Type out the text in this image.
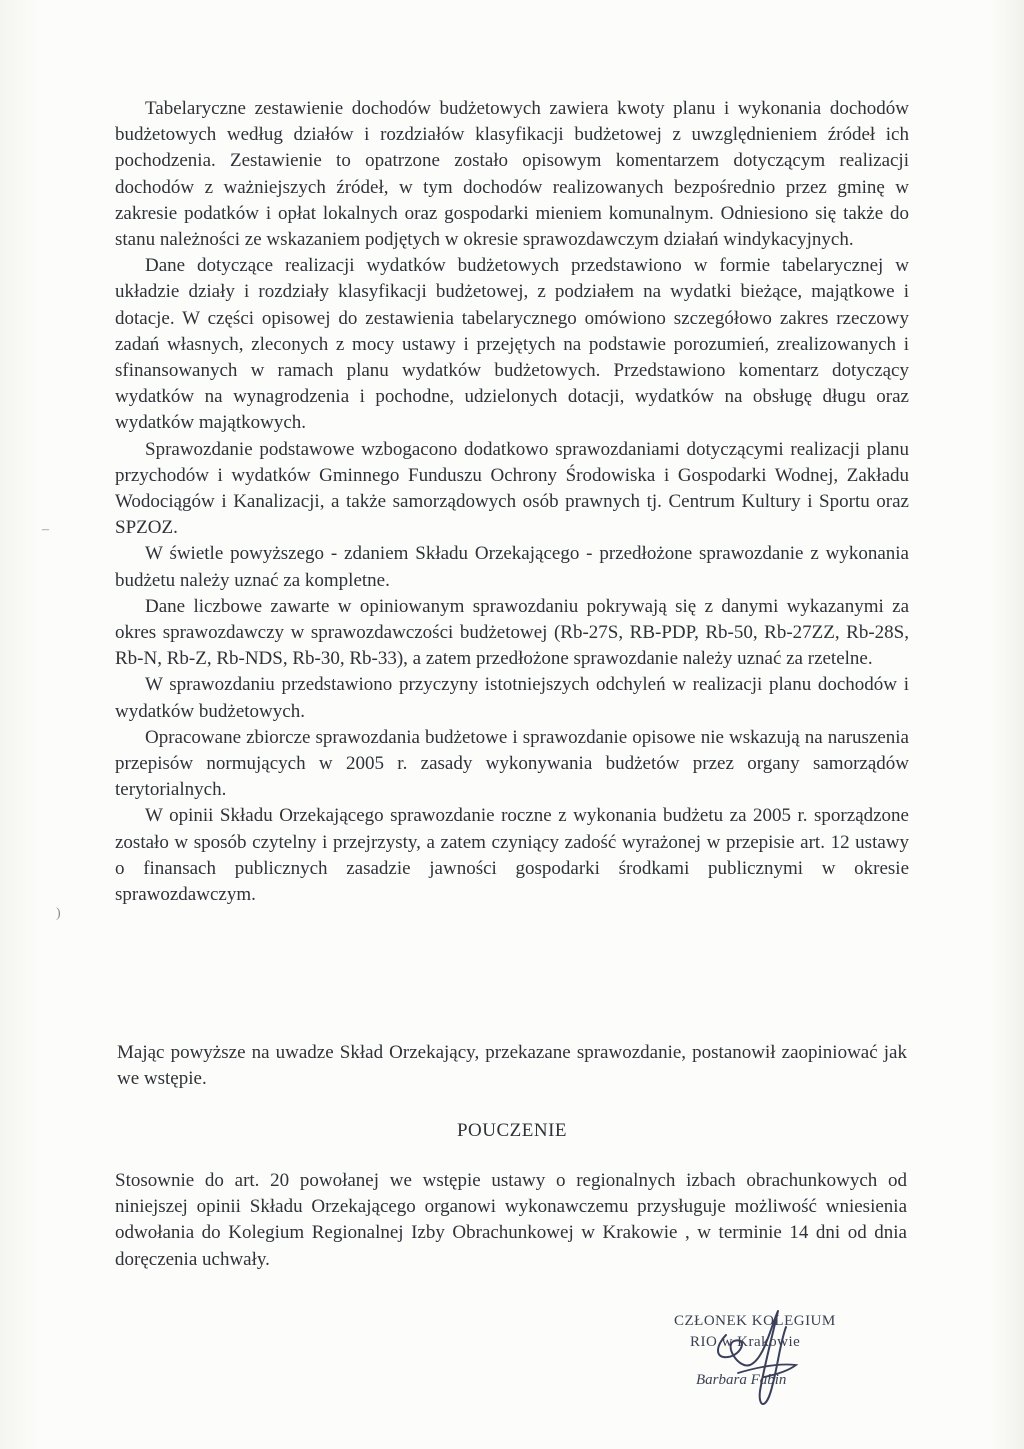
Tabelaryczne zestawienie dochodów budżetowych zawiera kwoty planu i wykonania dochodów budżetowych według działów i rozdziałów klasyfikacji budżetowej z uwzględnieniem źródeł ich pochodzenia. Zestawienie to opatrzone zostało opisowym komentarzem dotyczącym realizacji dochodów z ważniejszych źródeł, w tym dochodów realizowanych bezpośrednio przez gminę w zakresie podatków i opłat lokalnych oraz gospodarki mieniem komunalnym. Odniesiono się także do stanu należności ze wskazaniem podjętych w okresie sprawozdawczym działań windykacyjnych.

Dane dotyczące realizacji wydatków budżetowych przedstawiono w formie tabelarycznej w układzie działy i rozdziały klasyfikacji budżetowej, z podziałem na wydatki bieżące, majątkowe i dotacje. W części opisowej do zestawienia tabelarycznego omówiono szczegółowo zakres rzeczowy zadań własnych, zleconych z mocy ustawy i przejętych na podstawie porozumień, zrealizowanych i sfinansowanych w ramach planu wydatków budżetowych. Przedstawiono komentarz dotyczący wydatków na wynagrodzenia i pochodne, udzielonych dotacji, wydatków na obsługę długu oraz wydatków majątkowych.

Sprawozdanie podstawowe wzbogacono dodatkowo sprawozdaniami dotyczącymi realizacji planu przychodów i wydatków Gminnego Funduszu Ochrony Środowiska i Gospodarki Wodnej, Zakładu Wodociągów i Kanalizacji, a także samorządowych osób prawnych tj. Centrum Kultury i Sportu oraz SPZOZ.

W świetle powyższego - zdaniem Składu Orzekającego - przedłożone sprawozdanie z wykonania budżetu należy uznać za kompletne.

Dane liczbowe zawarte w opiniowanym sprawozdaniu pokrywają się z danymi wykazanymi za okres sprawozdawczy w sprawozdawczości budżetowej (Rb-27S, RB-PDP, Rb-50, Rb-27ZZ, Rb-28S, Rb-N, Rb-Z, Rb-NDS, Rb-30, Rb-33), a zatem przedłożone sprawozdanie należy uznać za rzetelne.

W sprawozdaniu przedstawiono przyczyny istotniejszych odchyleń w realizacji planu dochodów i wydatków budżetowych.

Opracowane zbiorcze sprawozdania budżetowe i sprawozdanie opisowe nie wskazują na naruszenia przepisów normujących w 2005 r. zasady wykonywania budżetów przez organy samorządów terytorialnych.

W opinii Składu Orzekającego sprawozdanie roczne z wykonania budżetu za 2005 r. sporządzone zostało w sposób czytelny i przejrzysty, a zatem czyniący zadość wyrażonej w przepisie art. 12 ustawy o finansach publicznych zasadzie jawności gospodarki środkami publicznymi w okresie sprawozdawczym.

Mając powyższe na uwadze Skład Orzekający, przekazane sprawozdanie, postanowił zaopiniować jak we wstępie.

POUCZENIE

Stosownie do art. 20 powołanej we wstępie ustawy o regionalnych izbach obrachunkowych od niniejszej opinii Składu Orzekającego organowi wykonawczemu przysługuje możliwość wniesienia odwołania do Kolegium Regionalnej Izby Obrachunkowej w Krakowie , w terminie 14 dni od dnia doręczenia uchwały.

CZŁONEK KOLEGIUM
RIO w Krakowie
Barbara Fabin
–
)
